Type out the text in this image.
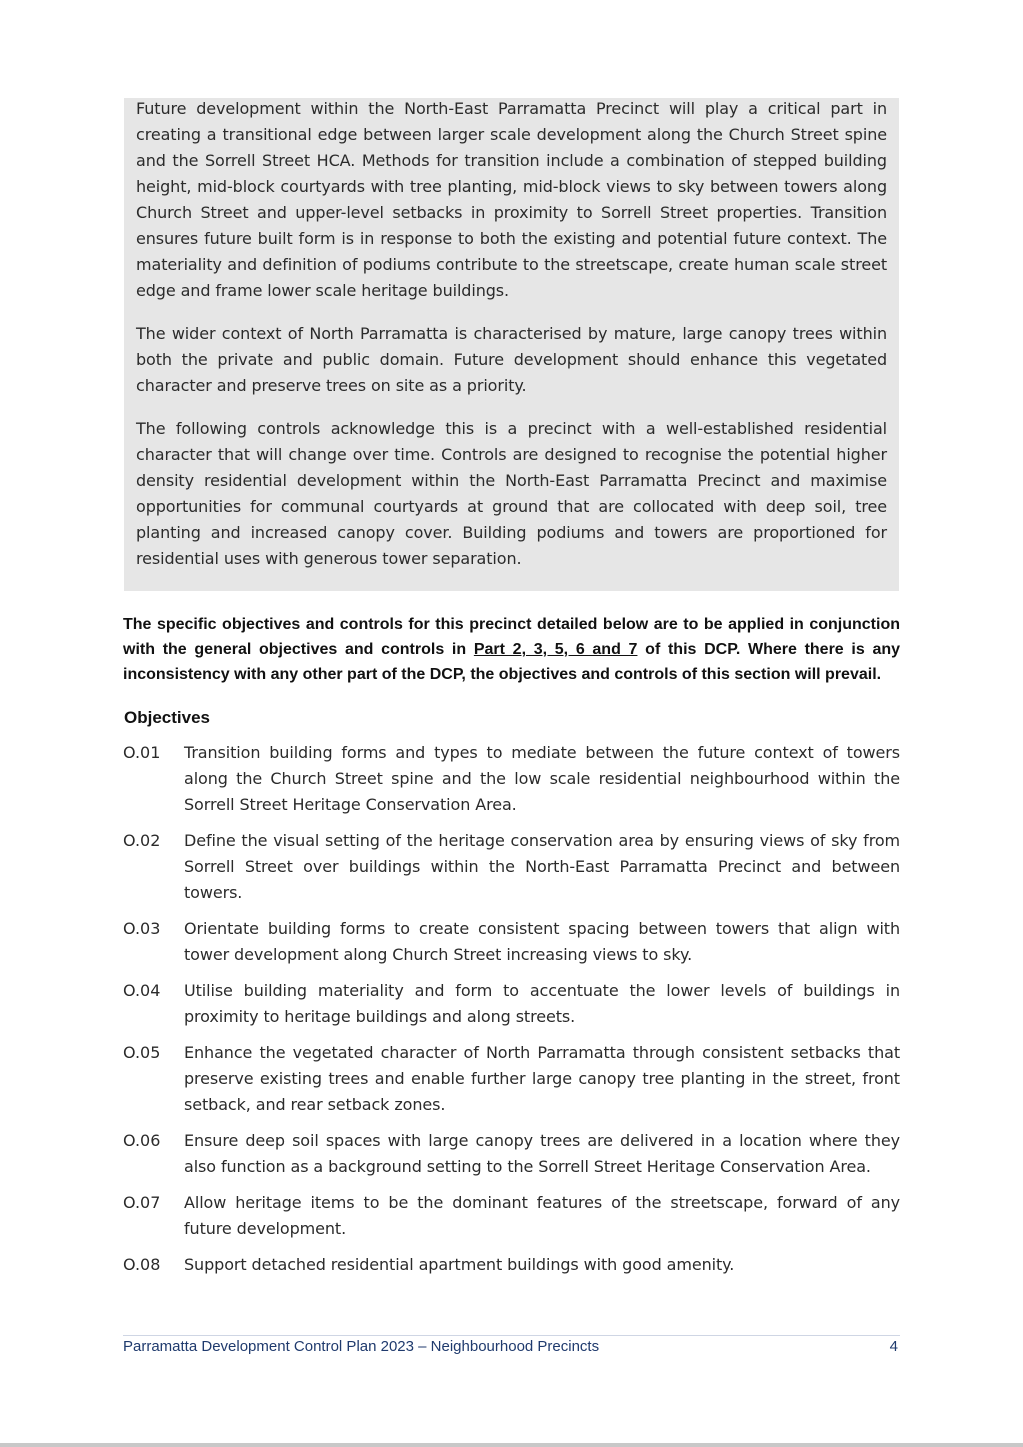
Future development within the North-East Parramatta Precinct will play a critical part in creating a transitional edge between larger scale development along the Church Street spine and the Sorrell Street HCA. Methods for transition include a combination of stepped building height, mid-block courtyards with tree planting, mid-block views to sky between towers along Church Street and upper-level setbacks in proximity to Sorrell Street properties. Transition ensures future built form is in response to both the existing and potential future context. The materiality and definition of podiums contribute to the streetscape, create human scale street edge and frame lower scale heritage buildings.

The wider context of North Parramatta is characterised by mature, large canopy trees within both the private and public domain. Future development should enhance this vegetated character and preserve trees on site as a priority.

The following controls acknowledge this is a precinct with a well-established residential character that will change over time. Controls are designed to recognise the potential higher density residential development within the North-East Parramatta Precinct and maximise opportunities for communal courtyards at ground that are collocated with deep soil, tree planting and increased canopy cover. Building podiums and towers are proportioned for residential uses with generous tower separation.

The specific objectives and controls for this precinct detailed below are to be applied in conjunction with the general objectives and controls in Part 2, 3, 5, 6 and 7 of this DCP. Where there is any inconsistency with any other part of the DCP, the objectives and controls of this section will prevail.

Objectives
O.01	Transition building forms and types to mediate between the future context of towers along the Church Street spine and the low scale residential neighbourhood within the Sorrell Street Heritage Conservation Area.
O.02	Define the visual setting of the heritage conservation area by ensuring views of sky from Sorrell Street over buildings within the North-East Parramatta Precinct and between towers.
O.03	Orientate building forms to create consistent spacing between towers that align with tower development along Church Street increasing views to sky.
O.04	Utilise building materiality and form to accentuate the lower levels of buildings in proximity to heritage buildings and along streets.
O.05	Enhance the vegetated character of North Parramatta through consistent setbacks that preserve existing trees and enable further large canopy tree planting in the street, front setback, and rear setback zones.
O.06	Ensure deep soil spaces with large canopy trees are delivered in a location where they also function as a background setting to the Sorrell Street Heritage Conservation Area.
O.07	Allow heritage items to be the dominant features of the streetscape, forward of any future development.
O.08	Support detached residential apartment buildings with good amenity.
Parramatta Development Control Plan 2023 – Neighbourhood Precincts	4
